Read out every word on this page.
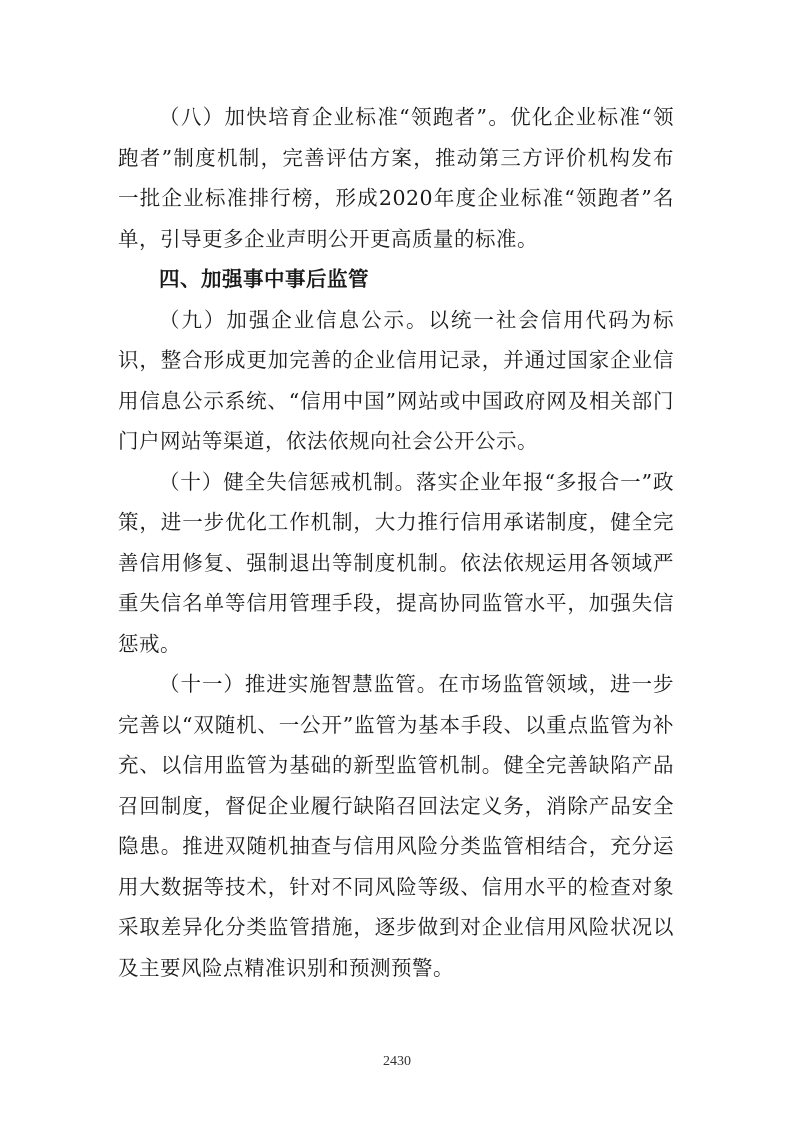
（八）加快培育企业标准“领跑者”。优化企业标准“领跑者”制度机制，完善评估方案，推动第三方评价机构发布一批企业标准排行榜，形成2020年度企业标准“领跑者”名单，引导更多企业声明公开更高质量的标准。

四、加强事中事后监管

（九）加强企业信息公示。以统一社会信用代码为标识，整合形成更加完善的企业信用记录，并通过国家企业信用信息公示系统、“信用中国”网站或中国政府网及相关部门门户网站等渠道，依法依规向社会公开公示。

（十）健全失信惩戒机制。落实企业年报“多报合一”政策，进一步优化工作机制，大力推行信用承诺制度，健全完善信用修复、强制退出等制度机制。依法依规运用各领域严重失信名单等信用管理手段，提高协同监管水平，加强失信惩戒。

（十一）推进实施智慧监管。在市场监管领域，进一步完善以“双随机、一公开”监管为基本手段、以重点监管为补充、以信用监管为基础的新型监管机制。健全完善缺陷产品召回制度，督促企业履行缺陷召回法定义务，消除产品安全隐患。推进双随机抽查与信用风险分类监管相结合，充分运用大数据等技术，针对不同风险等级、信用水平的检查对象采取差异化分类监管措施，逐步做到对企业信用风险状况以及主要风险点精准识别和预测预警。

2430
